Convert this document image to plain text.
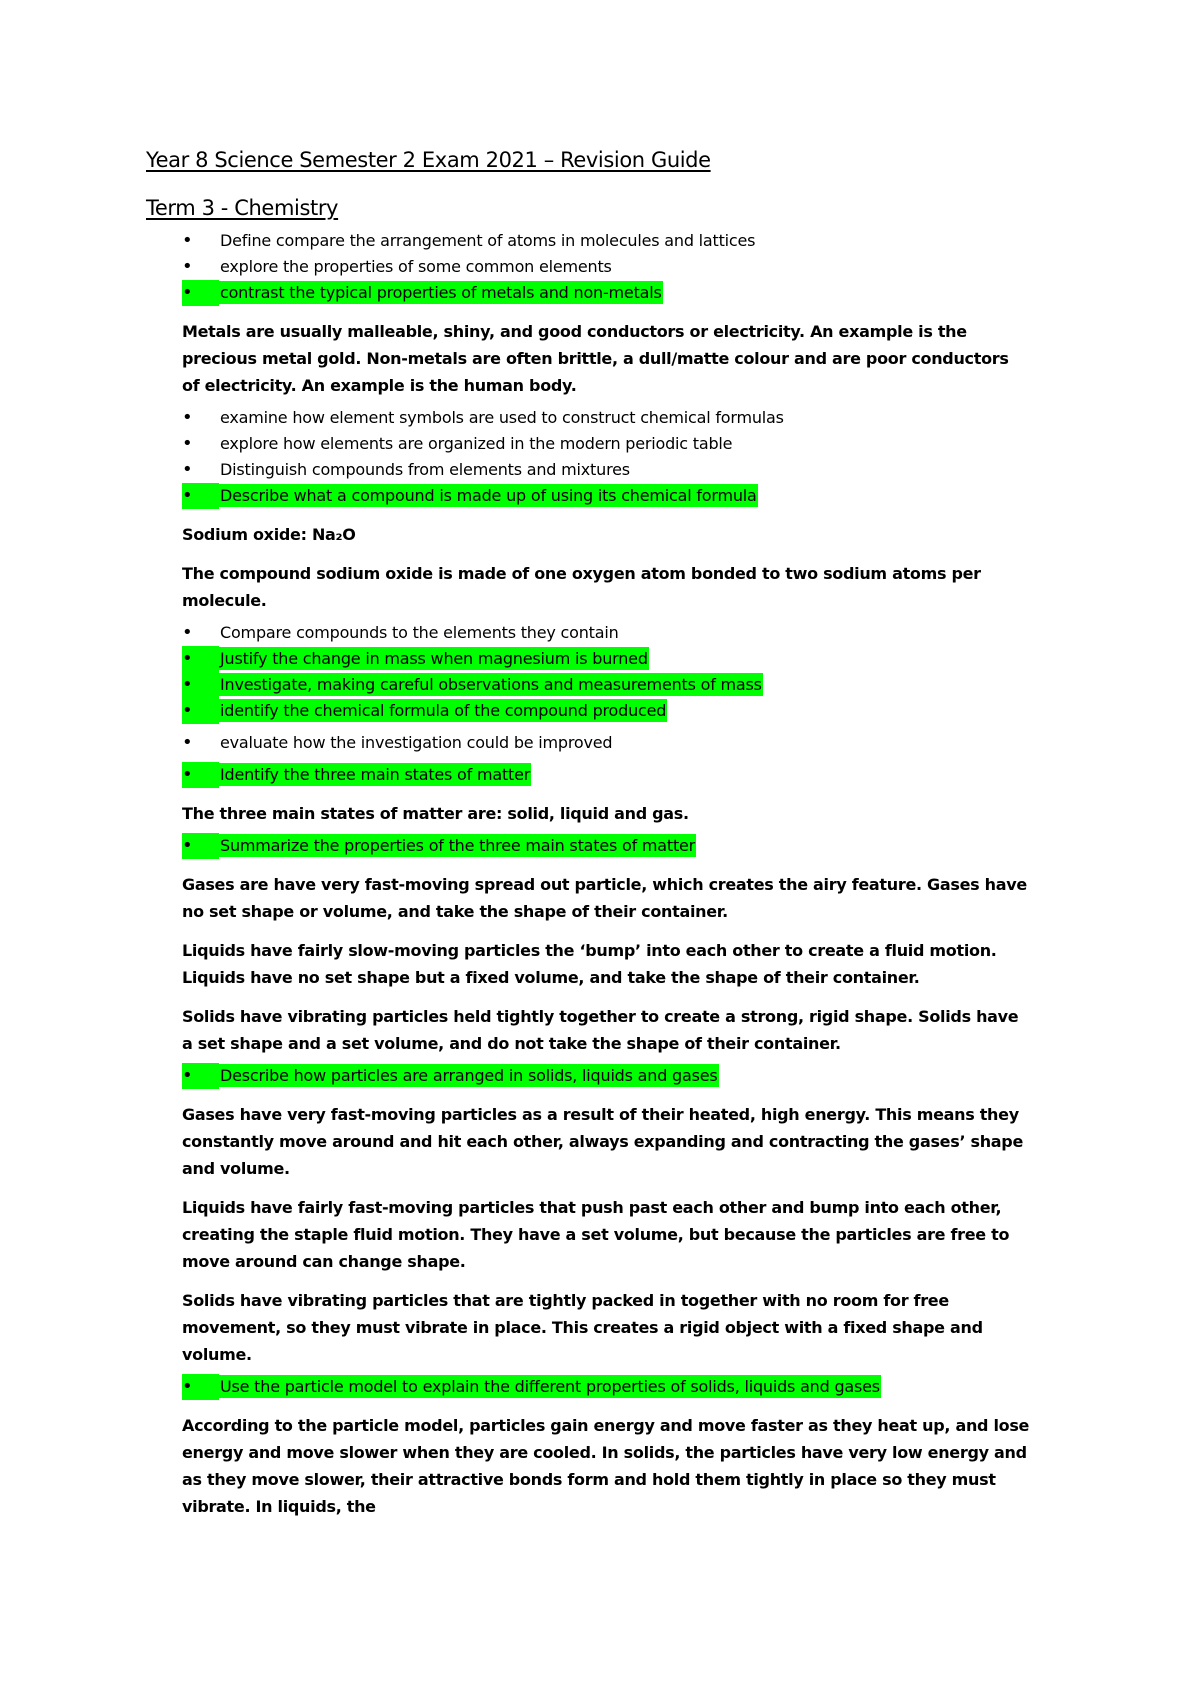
Year 8 Science Semester 2 Exam 2021 – Revision Guide
Term 3 - Chemistry
• Define compare the arrangement of atoms in molecules and lattices
• explore the properties of some common elements
• contrast the typical properties of metals and non-metals

Metals are usually malleable, shiny, and good conductors or electricity. An example is the precious metal gold. Non-metals are often brittle, a dull/matte colour and are poor conductors of electricity. An example is the human body.

• examine how element symbols are used to construct chemical formulas
• explore how elements are organized in the modern periodic table
• Distinguish compounds from elements and mixtures
• Describe what a compound is made up of using its chemical formula

Sodium oxide: Na₂O

The compound sodium oxide is made of one oxygen atom bonded to two sodium atoms per molecule.

• Compare compounds to the elements they contain
• Justify the change in mass when magnesium is burned
• Investigate, making careful observations and measurements of mass
• identify the chemical formula of the compound produced
• evaluate how the investigation could be improved
• Identify the three main states of matter

The three main states of matter are: solid, liquid and gas.

• Summarize the properties of the three main states of matter

Gases are have very fast-moving spread out particle, which creates the airy feature. Gases have no set shape or volume, and take the shape of their container.

Liquids have fairly slow-moving particles the ‘bump’ into each other to create a fluid motion. Liquids have no set shape but a fixed volume, and take the shape of their container.

Solids have vibrating particles held tightly together to create a strong, rigid shape. Solids have a set shape and a set volume, and do not take the shape of their container.

• Describe how particles are arranged in solids, liquids and gases

Gases have very fast-moving particles as a result of their heated, high energy. This means they constantly move around and hit each other, always expanding and contracting the gases’ shape and volume.

Liquids have fairly fast-moving particles that push past each other and bump into each other, creating the staple fluid motion. They have a set volume, but because the particles are free to move around can change shape.

Solids have vibrating particles that are tightly packed in together with no room for free movement, so they must vibrate in place. This creates a rigid object with a fixed shape and volume.

• Use the particle model to explain the different properties of solids, liquids and gases

According to the particle model, particles gain energy and move faster as they heat up, and lose energy and move slower when they are cooled. In solids, the particles have very low energy and as they move slower, their attractive bonds form and hold them tightly in place so they must vibrate. In liquids, the
